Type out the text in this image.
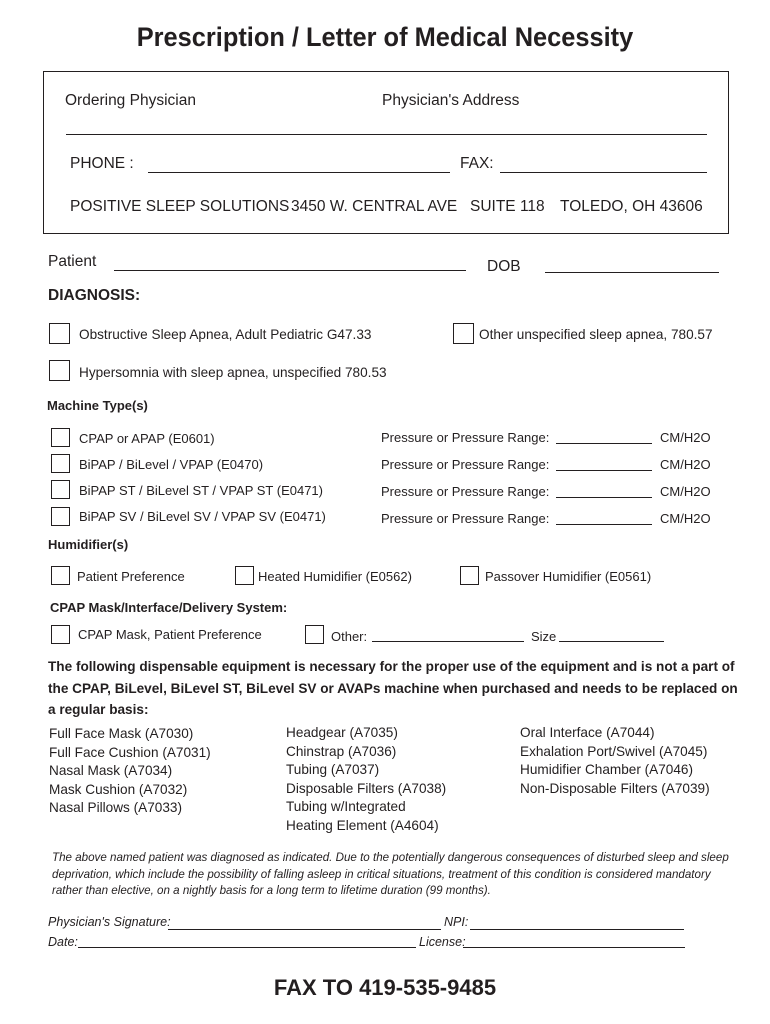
Prescription / Letter of Medical Necessity
Ordering Physician	Physician's Address
PHONE :	FAX:
POSITIVE SLEEP SOLUTIONS 3450 W. CENTRAL AVE SUITE 118 TOLEDO, OH 43606
Patient	DOB
DIAGNOSIS:
Obstructive Sleep Apnea, Adult Pediatric G47.33	Other unspecified sleep apnea, 780.57
Hypersomnia with sleep apnea, unspecified 780.53
Machine Type(s)
CPAP or APAP (E0601)	Pressure or Pressure Range:	CM/H2O
BiPAP / BiLevel / VPAP (E0470)	Pressure or Pressure Range:	CM/H2O
BiPAP ST / BiLevel ST / VPAP ST (E0471)	Pressure or Pressure Range:	CM/H2O
BiPAP SV / BiLevel SV / VPAP SV (E0471)	Pressure or Pressure Range:	CM/H2O
Humidifier(s)
Patient Preference	Heated Humidifier (E0562)	Passover Humidifier (E0561)
CPAP Mask/Interface/Delivery System:
CPAP Mask, Patient Preference	Other:	Size
The following dispensable equipment is necessary for the proper use of the equipment and is not a part of the CPAP, BiLevel, BiLevel ST, BiLevel SV or AVAPs machine when purchased and needs to be replaced on a regular basis:
Full Face Mask (A7030)
Full Face Cushion (A7031)
Nasal Mask (A7034)
Mask Cushion (A7032)
Nasal Pillows (A7033)
Headgear (A7035)
Chinstrap (A7036)
Tubing (A7037)
Disposable Filters (A7038)
Tubing w/Integrated
Heating Element (A4604)
Oral Interface (A7044)
Exhalation Port/Swivel (A7045)
Humidifier Chamber (A7046)
Non-Disposable Filters (A7039)
The above named patient was diagnosed as indicated. Due to the potentially dangerous consequences of disturbed sleep and sleep deprivation, which include the possibility of falling asleep in critical situations, treatment of this condition is considered mandatory rather than elective, on a nightly basis for a long term to lifetime duration (99 months).
Physician's Signature:	NPI:
Date:	License:
FAX TO 419-535-9485
